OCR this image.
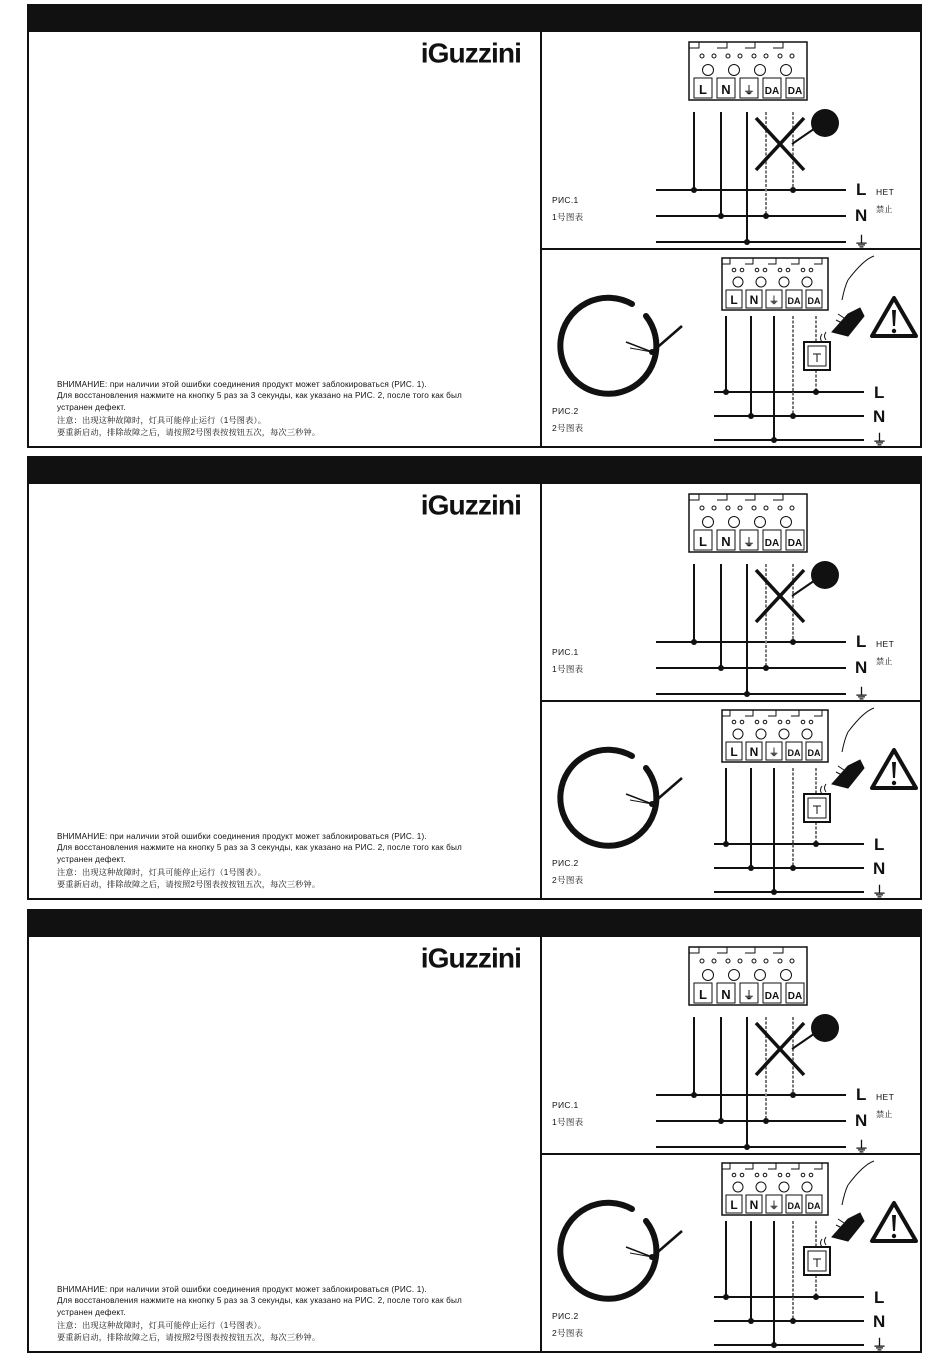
iGuzzini

ВНИМАНИЕ: при наличии этой ошибки соединения продукт может заблокироваться (РИС. 1).

Для восстановления нажмите на кнопку 5 раз за 3 секунды, как указано на РИС. 2, после того как был

устранен дефект.

注意：出现这种故障时，灯具可能停止运行（1号图表）。

要重新启动，排除故障之后，请按照2号图表按按钮五次，每次三秒钟。

L N ⏚ DA DA
L
N
⏚
РИС.1
1号图表
НЕТ
禁止
L N ⏚ DA DA
L
N
⏚
РИС.2
2号图表
iGuzzini

ВНИМАНИЕ: при наличии этой ошибки соединения продукт может заблокироваться (РИС. 1).

Для восстановления нажмите на кнопку 5 раз за 3 секунды, как указано на РИС. 2, после того как был

устранен дефект.

注意：出现这种故障时，灯具可能停止运行（1号图表）。

要重新启动，排除故障之后，请按照2号图表按按钮五次，每次三秒钟。

L N ⏚ DA DA
L
N
⏚
РИС.1
1号图表
НЕТ
禁止
L N ⏚ DA DA
L
N
⏚
РИС.2
2号图表
iGuzzini

ВНИМАНИЕ: при наличии этой ошибки соединения продукт может заблокироваться (РИС. 1).

Для восстановления нажмите на кнопку 5 раз за 3 секунды, как указано на РИС. 2, после того как был

устранен дефект.

注意：出现这种故障时，灯具可能停止运行（1号图表）。

要重新启动，排除故障之后，请按照2号图表按按钮五次，每次三秒钟。

L N ⏚ DA DA
L
N
⏚
РИС.1
1号图表
НЕТ
禁止
L N ⏚ DA DA
L
N
⏚
РИС.2
2号图表
